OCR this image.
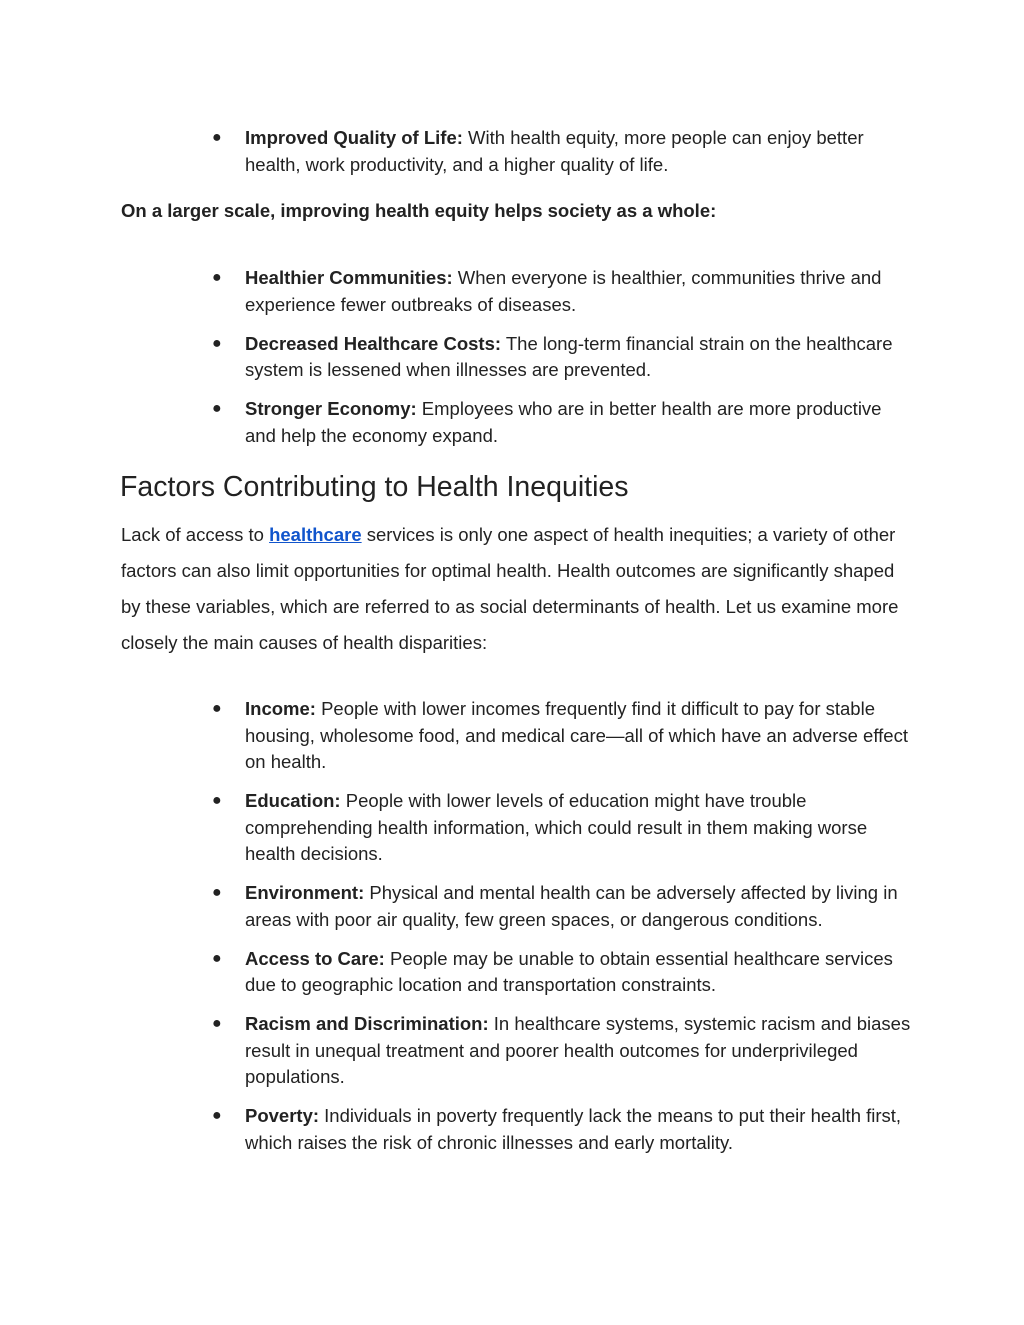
● Improved Quality of Life: With health equity, more people can enjoy better health, work productivity, and a higher quality of life.

On a larger scale, improving health equity helps society as a whole:

● Healthier Communities: When everyone is healthier, communities thrive and experience fewer outbreaks of diseases.
● Decreased Healthcare Costs: The long-term financial strain on the healthcare system is lessened when illnesses are prevented.
● Stronger Economy: Employees who are in better health are more productive and help the economy expand.
Factors Contributing to Health Inequities

Lack of access to healthcare services is only one aspect of health inequities; a variety of other factors can also limit opportunities for optimal health. Health outcomes are significantly shaped by these variables, which are referred to as social determinants of health. Let us examine more closely the main causes of health disparities:

● Income: People with lower incomes frequently find it difficult to pay for stable housing, wholesome food, and medical care—all of which have an adverse effect on health.
● Education: People with lower levels of education might have trouble comprehending health information, which could result in them making worse health decisions.
● Environment: Physical and mental health can be adversely affected by living in areas with poor air quality, few green spaces, or dangerous conditions.
● Access to Care: People may be unable to obtain essential healthcare services due to geographic location and transportation constraints.
● Racism and Discrimination: In healthcare systems, systemic racism and biases result in unequal treatment and poorer health outcomes for underprivileged populations.
● Poverty: Individuals in poverty frequently lack the means to put their health first, which raises the risk of chronic illnesses and early mortality.
